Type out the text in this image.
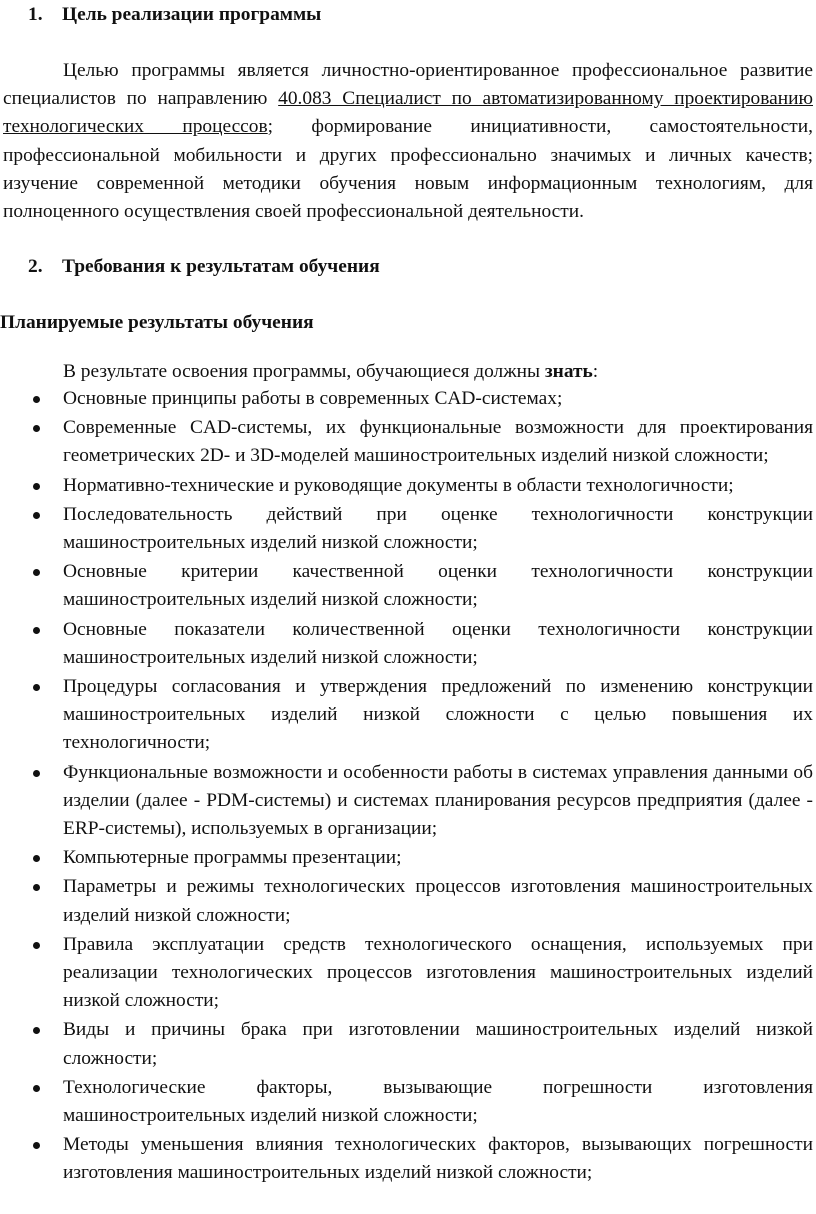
1. Цель реализации программы

Целью программы является личностно-ориентированное профессиональное развитие специалистов по направлению 40.083 Специалист по автоматизированному проектированию технологических процессов; формирование инициативности, самостоятельности, профессиональной мобильности и других профессионально значимых и личных качеств; изучение современной методики обучения новым информационным технологиям, для полноценного осуществления своей профессиональной деятельности.

2. Требования к результатам обучения
Планируемые результаты обучения
В результате освоения программы, обучающиеся должны знать:
Основные принципы работы в современных CAD-системах;
Современные CAD-системы, их функциональные возможности для проектирования геометрических 2D- и 3D-моделей машиностроительных изделий низкой сложности;
Нормативно-технические и руководящие документы в области технологичности;
Последовательность действий при оценке технологичности конструкции машиностроительных изделий низкой сложности;
Основные критерии качественной оценки технологичности конструкции машиностроительных изделий низкой сложности;
Основные показатели количественной оценки технологичности конструкции машиностроительных изделий низкой сложности;
Процедуры согласования и утверждения предложений по изменению конструкции машиностроительных изделий низкой сложности с целью повышения их технологичности;
Функциональные возможности и особенности работы в системах управления данными об изделии (далее - PDM-системы) и системах планирования ресурсов предприятия (далее - ERP-системы), используемых в организации;
Компьютерные программы презентации;
Параметры и режимы технологических процессов изготовления машиностроительных изделий низкой сложности;
Правила эксплуатации средств технологического оснащения, используемых при реализации технологических процессов изготовления машиностроительных изделий низкой сложности;
Виды и причины брака при изготовлении машиностроительных изделий низкой сложности;
Технологические факторы, вызывающие погрешности изготовления машиностроительных изделий низкой сложности;
Методы уменьшения влияния технологических факторов, вызывающих погрешности изготовления машиностроительных изделий низкой сложности;
